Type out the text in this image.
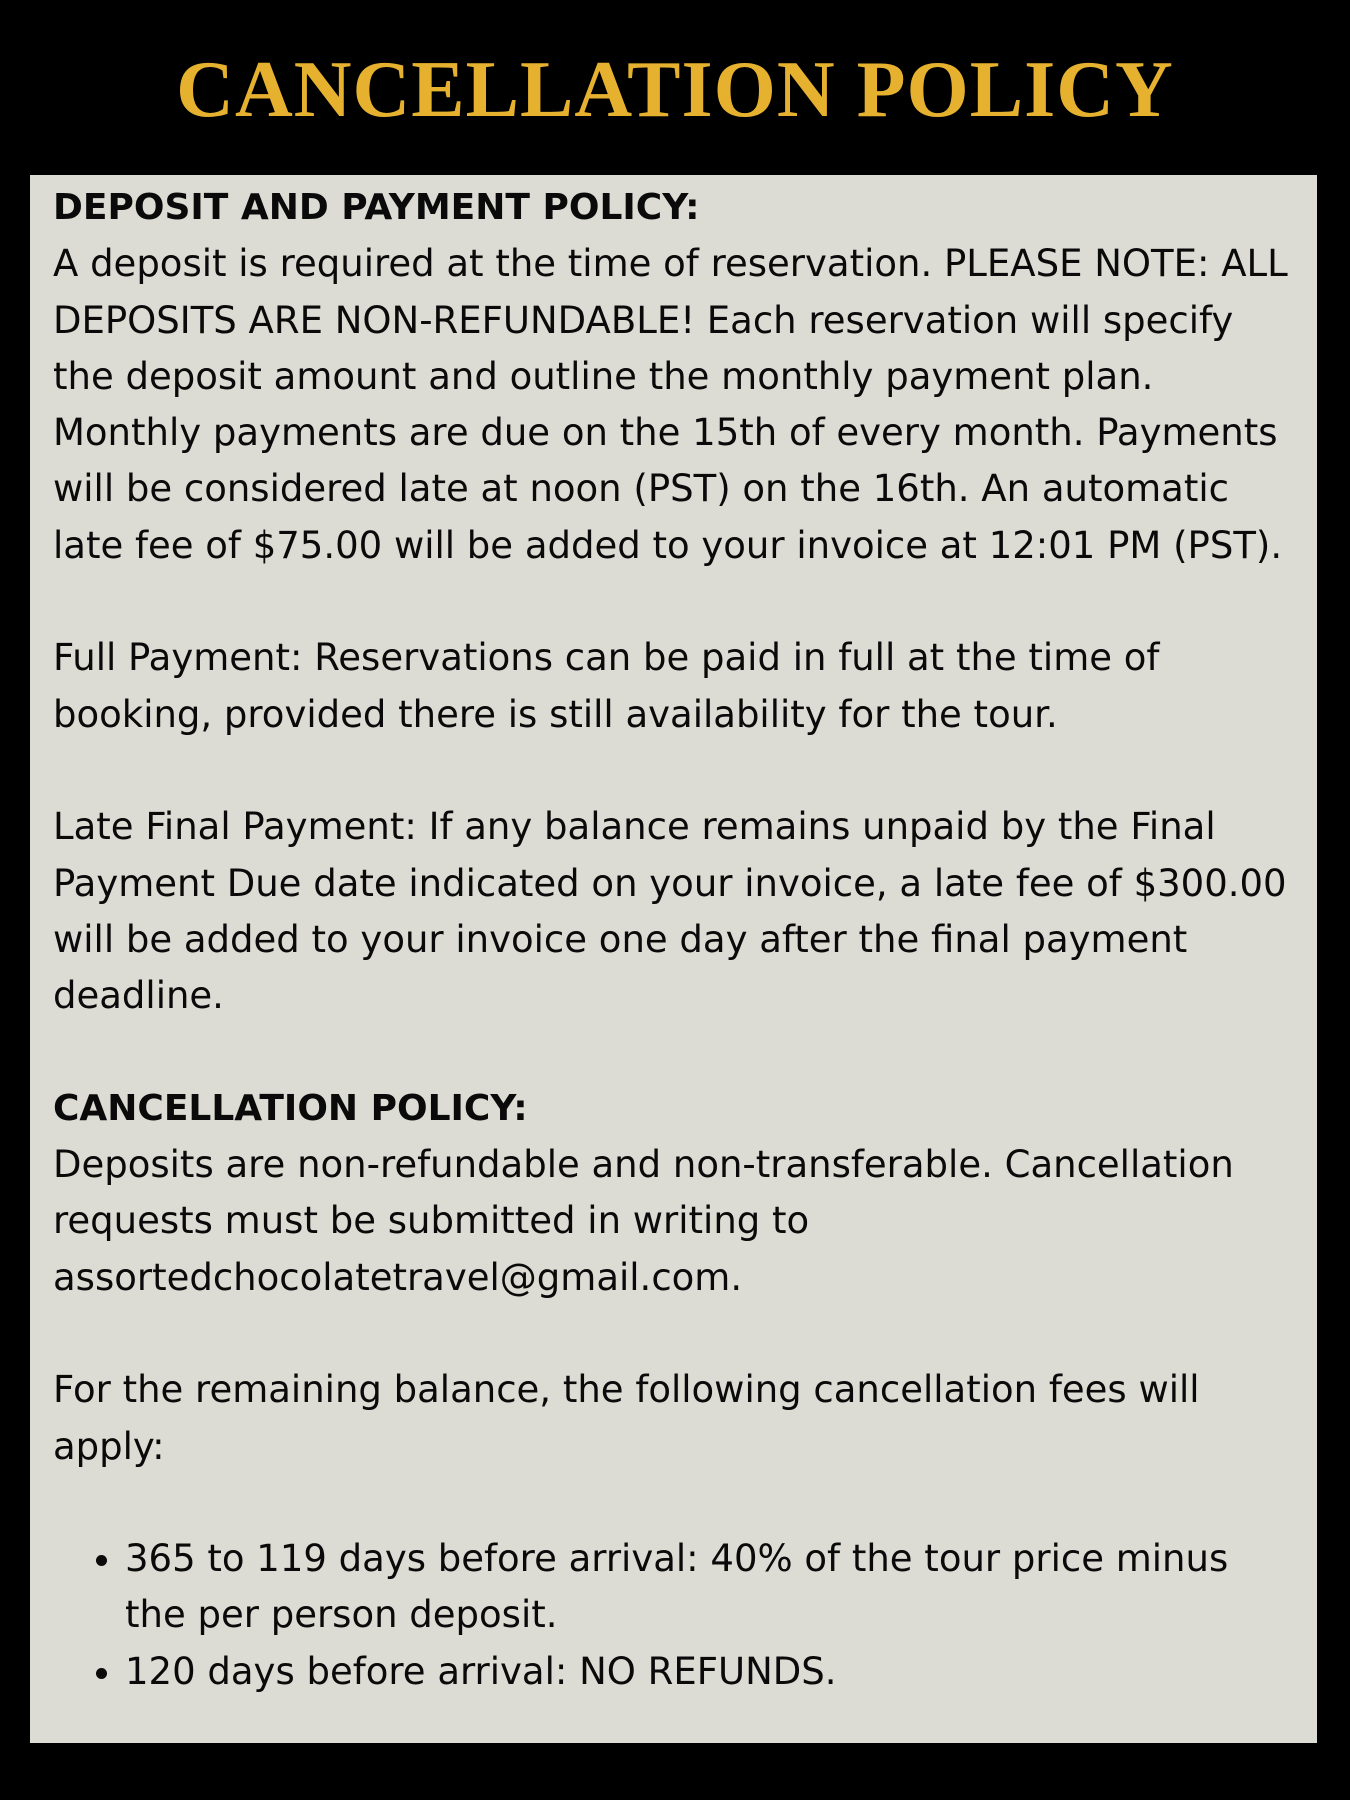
CANCELLATION POLICY
DEPOSIT AND PAYMENT POLICY:

A deposit is required at the time of reservation. PLEASE NOTE: ALL DEPOSITS ARE NON-REFUNDABLE! Each reservation will specify the deposit amount and outline the monthly payment plan. Monthly payments are due on the 15th of every month. Payments will be considered late at noon (PST) on the 16th. An automatic late fee of $75.00 will be added to your invoice at 12:01 PM (PST).

Full Payment: Reservations can be paid in full at the time of booking, provided there is still availability for the tour.

Late Final Payment: If any balance remains unpaid by the Final Payment Due date indicated on your invoice, a late fee of $300.00 will be added to your invoice one day after the final payment deadline.

CANCELLATION POLICY:

Deposits are non-refundable and non-transferable. Cancellation requests must be submitted in writing to assortedchocolatetravel@gmail.com.

For the remaining balance, the following cancellation fees will apply:

• 365 to 119 days before arrival: 40% of the tour price minus the per person deposit.
• 120 days before arrival: NO REFUNDS.
